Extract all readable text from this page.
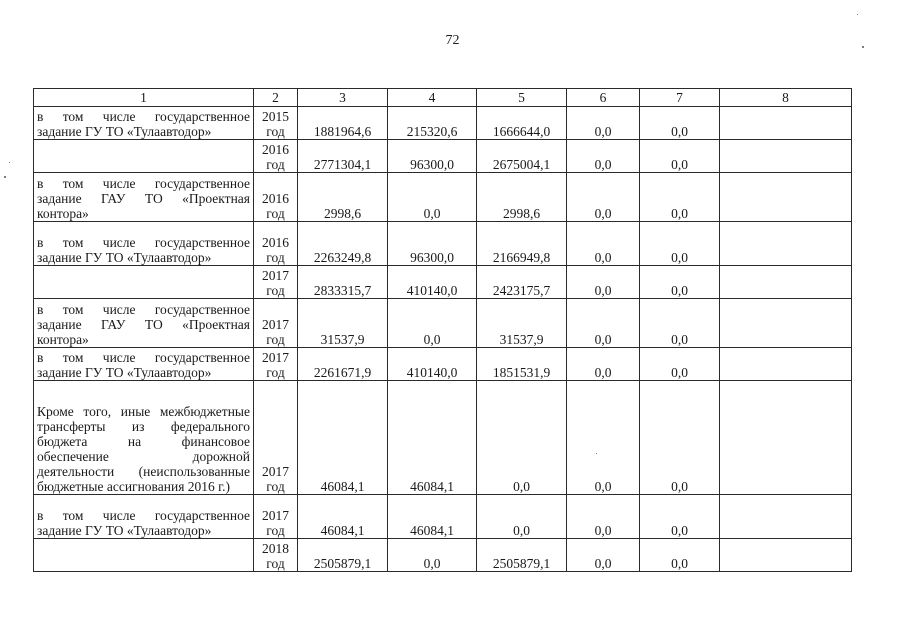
72
1	2	3	4	5	6	7	8
в том числе государственное задание ГУ ТО «Тулаавтодор»	2015 год	1881964,6	215320,6	1666644,0	0,0	0,0	
	2016 год	2771304,1	96300,0	2675004,1	0,0	0,0	
в том числе государственное задание ГАУ ТО «Проектная контора»	2016 год	2998,6	0,0	2998,6	0,0	0,0	
в том числе государственное задание ГУ ТО «Тулаавтодор»	2016 год	2263249,8	96300,0	2166949,8	0,0	0,0	
	2017 год	2833315,7	410140,0	2423175,7	0,0	0,0	
в том числе государственное задание ГАУ ТО «Проектная контора»	2017 год	31537,9	0,0	31537,9	0,0	0,0	
в том числе государственное задание ГУ ТО «Тулаавтодор»	2017 год	2261671,9	410140,0	1851531,9	0,0	0,0	
Кроме того, иные межбюджетные трансферты из федерального бюджета на финансовое обеспечение дорожной деятельности (неиспользованные бюджетные ассигнования 2016 г.)	2017 год	46084,1	46084,1	0,0	0,0	0,0	
в том числе государственное задание ГУ ТО «Тулаавтодор»	2017 год	46084,1	46084,1	0,0	0,0	0,0	
	2018 год	2505879,1	0,0	2505879,1	0,0	0,0	
